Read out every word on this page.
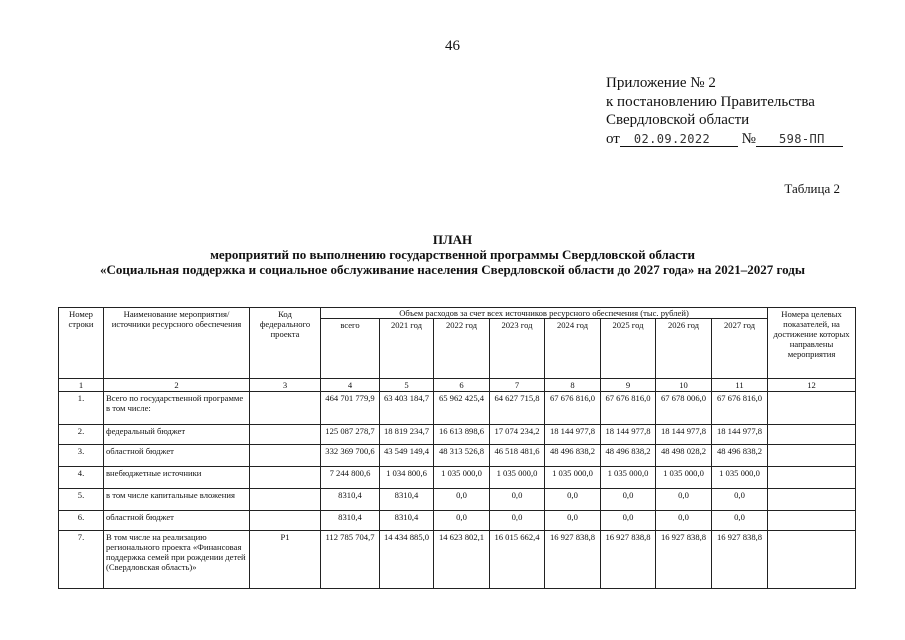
46
Приложение № 2
к постановлению Правительства
Свердловской области
от 02.09.2022 № 598-ПП
Таблица 2
ПЛАН
мероприятий по выполнению государственной программы Свердловской области
«Социальная поддержка и социальное обслуживание населения Свердловской области до 2027 года» на 2021–2027 годы
Номер строки	Наименование мероприятия/ источники ресурсного обеспечения	Код федерального проекта	Объем расходов за счет всех источников ресурсного обеспечения (тыс. рублей)								Номера целевых показателей, на достижение которых направлены мероприятия
			всего	2021 год	2022 год	2023 год	2024 год	2025 год	2026 год	2027 год	
1	2	3	4	5	6	7	8	9	10	11	12
1.	Всего по государственной программе в том числе:		464 701 779,9	63 403 184,7	65 962 425,4	64 627 715,8	67 676 816,0	67 676 816,0	67 678 006,0	67 676 816,0	
2.	федеральный бюджет		125 087 278,7	18 819 234,7	16 613 898,6	17 074 234,2	18 144 977,8	18 144 977,8	18 144 977,8	18 144 977,8	
3.	областной бюджет		332 369 700,6	43 549 149,4	48 313 526,8	46 518 481,6	48 496 838,2	48 496 838,2	48 498 028,2	48 496 838,2	
4.	внебюджетные источники		7 244 800,6	1 034 800,6	1 035 000,0	1 035 000,0	1 035 000,0	1 035 000,0	1 035 000,0	1 035 000,0	
5.	в том числе капитальные вложения		8310,4	8310,4	0,0	0,0	0,0	0,0	0,0	0,0	
6.	областной бюджет		8310,4	8310,4	0,0	0,0	0,0	0,0	0,0	0,0	
7.	В том числе на реализацию регионального проекта «Финансовая поддержка семей при рождении детей (Свердловская область)»	Р1	112 785 704,7	14 434 885,0	14 623 802,1	16 015 662,4	16 927 838,8	16 927 838,8	16 927 838,8	16 927 838,8	
